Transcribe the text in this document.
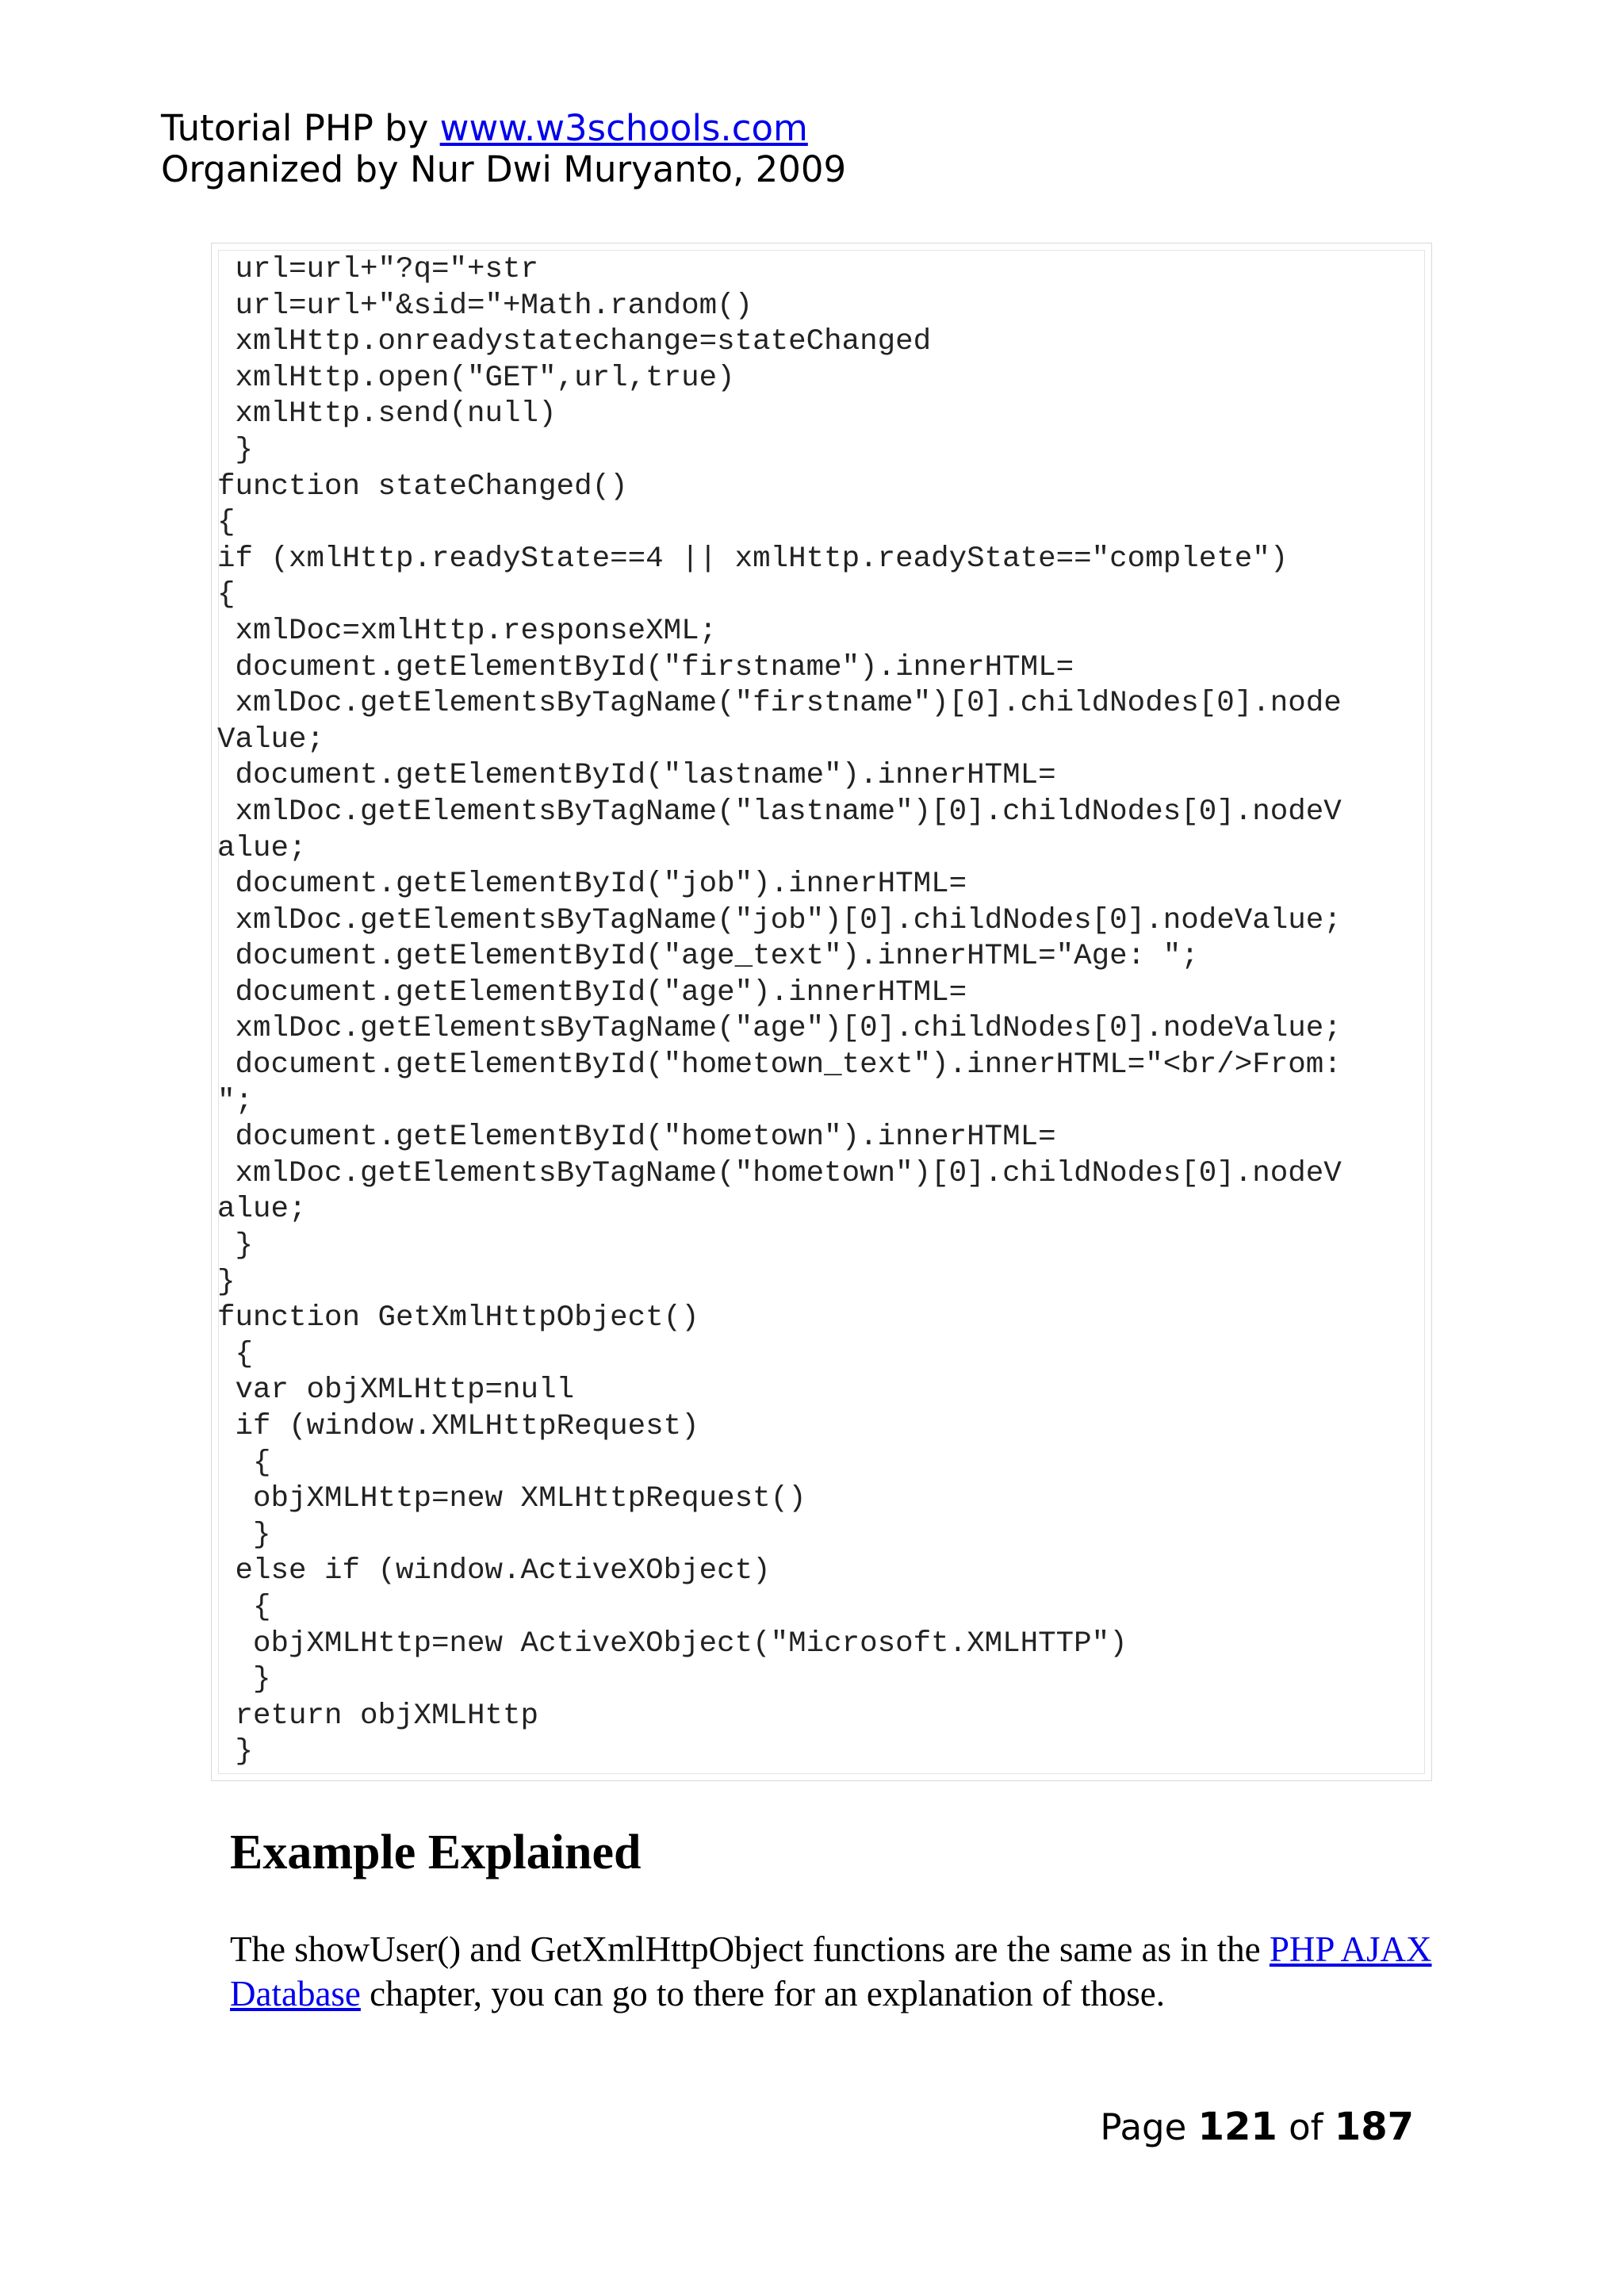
Tutorial PHP by www.w3schools.com
Organized by Nur Dwi Muryanto, 2009
url=url+"?q="+str
url=url+"&sid="+Math.random()
xmlHttp.onreadystatechange=stateChanged
xmlHttp.open("GET",url,true)
xmlHttp.send(null)
}
function stateChanged()
{
if (xmlHttp.readyState==4 || xmlHttp.readyState=="complete")
{
xmlDoc=xmlHttp.responseXML;
document.getElementById("firstname").innerHTML=
xmlDoc.getElementsByTagName("firstname")[0].childNodes[0].node
Value;
document.getElementById("lastname").innerHTML=
xmlDoc.getElementsByTagName("lastname")[0].childNodes[0].nodeV
alue;
document.getElementById("job").innerHTML=
xmlDoc.getElementsByTagName("job")[0].childNodes[0].nodeValue;
document.getElementById("age_text").innerHTML="Age: ";
document.getElementById("age").innerHTML=
xmlDoc.getElementsByTagName("age")[0].childNodes[0].nodeValue;
document.getElementById("hometown_text").innerHTML="<br/>From:
";
document.getElementById("hometown").innerHTML=
xmlDoc.getElementsByTagName("hometown")[0].childNodes[0].nodeV
alue;
}
}
function GetXmlHttpObject()
{
var objXMLHttp=null
if (window.XMLHttpRequest)
{
objXMLHttp=new XMLHttpRequest()
}
else if (window.ActiveXObject)
{
objXMLHttp=new ActiveXObject("Microsoft.XMLHTTP")
}
return objXMLHttp
}
Example Explained

The showUser() and GetXmlHttpObject functions are the same as in the PHP AJAX Database chapter, you can go to there for an explanation of those.

Page 121 of 187
